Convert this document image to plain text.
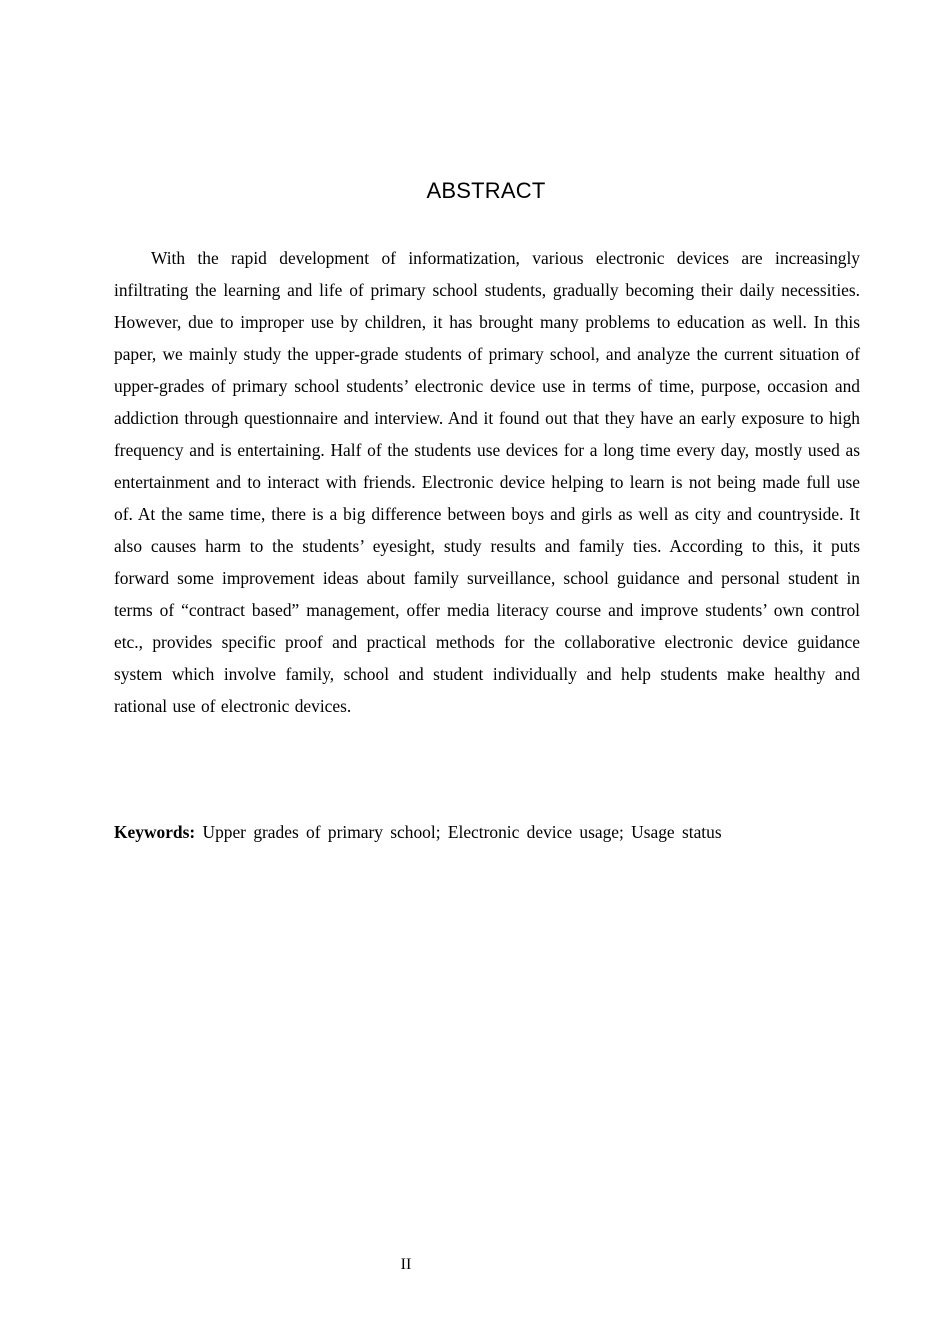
ABSTRACT

With the rapid development of informatization, various electronic devices are increasingly infiltrating the learning and life of primary school students, gradually becoming their daily necessities. However, due to improper use by children, it has brought many problems to education as well. In this paper, we mainly study the upper-grade students of primary school, and analyze the current situation of upper-grades of primary school students’ electronic device use in terms of time, purpose, occasion and addiction through questionnaire and interview. And it found out that they have an early exposure to high frequency and is entertaining. Half of the students use devices for a long time every day, mostly used as entertainment and to interact with friends. Electronic device helping to learn is not being made full use of. At the same time, there is a big difference between boys and girls as well as city and countryside. It also causes harm to the students’ eyesight, study results and family ties. According to this, it puts forward some improvement ideas about family surveillance, school guidance and personal student in terms of “contract based” management, offer media literacy course and improve students’ own control etc., provides specific proof and practical methods for the collaborative electronic device guidance system which involve family, school and student individually and help students make healthy and rational use of electronic devices.

Keywords: Upper grades of primary school; Electronic device usage; Usage status

II
